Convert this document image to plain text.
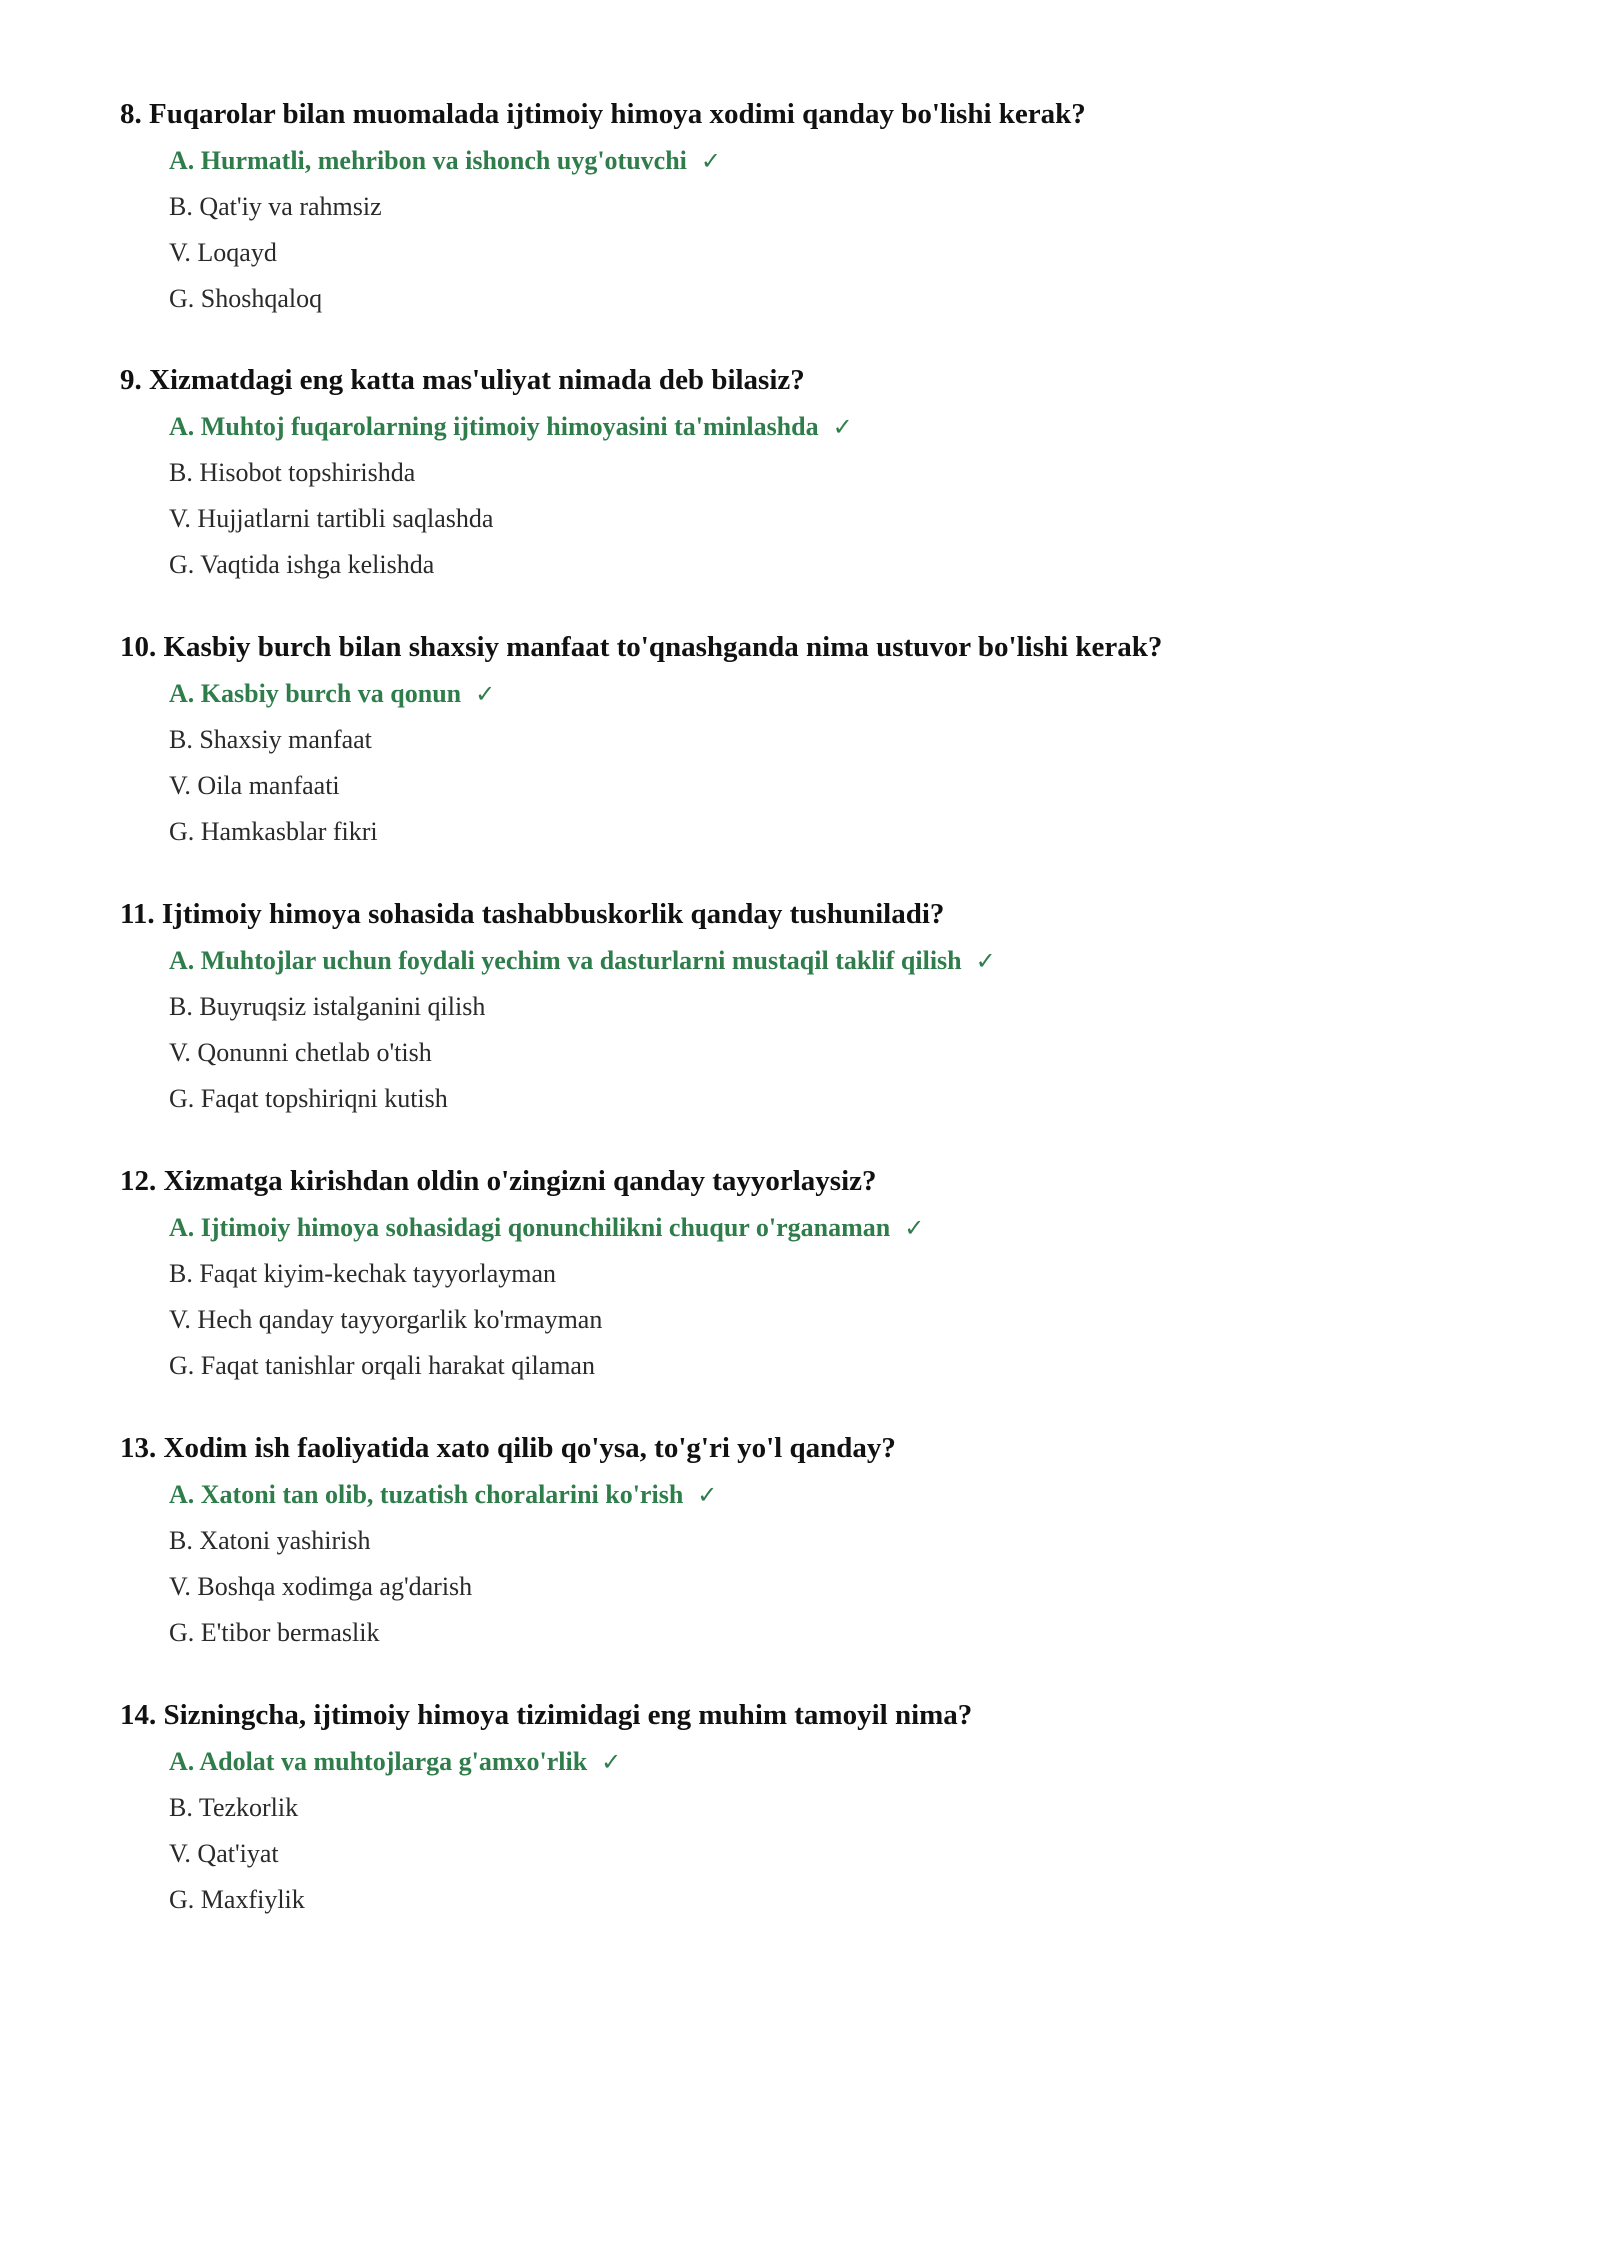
8. Fuqarolar bilan muomalada ijtimoiy himoya xodimi qanday bo'lishi kerak?
A. Hurmatli, mehribon va ishonch uyg'otuvchi ✓
B. Qat'iy va rahmsiz
V. Loqayd
G. Shoshqaloq
9. Xizmatdagi eng katta mas'uliyat nimada deb bilasiz?
A. Muhtoj fuqarolarning ijtimoiy himoyasini ta'minlashda ✓
B. Hisobot topshirishda
V. Hujjatlarni tartibli saqlashda
G. Vaqtida ishga kelishda
10. Kasbiy burch bilan shaxsiy manfaat to'qnashganda nima ustuvor bo'lishi kerak?
A. Kasbiy burch va qonun ✓
B. Shaxsiy manfaat
V. Oila manfaati
G. Hamkasblar fikri
11. Ijtimoiy himoya sohasida tashabbuskorlik qanday tushuniladi?
A. Muhtojlar uchun foydali yechim va dasturlarni mustaqil taklif qilish ✓
B. Buyruqsiz istalganini qilish
V. Qonunni chetlab o'tish
G. Faqat topshiriqni kutish
12. Xizmatga kirishdan oldin o'zingizni qanday tayyorlaysiz?
A. Ijtimoiy himoya sohasidagi qonunchilikni chuqur o'rganaman ✓
B. Faqat kiyim-kechak tayyorlayman
V. Hech qanday tayyorgarlik ko'rmayman
G. Faqat tanishlar orqali harakat qilaman
13. Xodim ish faoliyatida xato qilib qo'ysa, to'g'ri yo'l qanday?
A. Xatoni tan olib, tuzatish choralarini ko'rish ✓
B. Xatoni yashirish
V. Boshqa xodimga ag'darish
G. E'tibor bermaslik
14. Sizningcha, ijtimoiy himoya tizimidagi eng muhim tamoyil nima?
A. Adolat va muhtojlarga g'amxo'rlik ✓
B. Tezkorlik
V. Qat'iyat
G. Maxfiylik
